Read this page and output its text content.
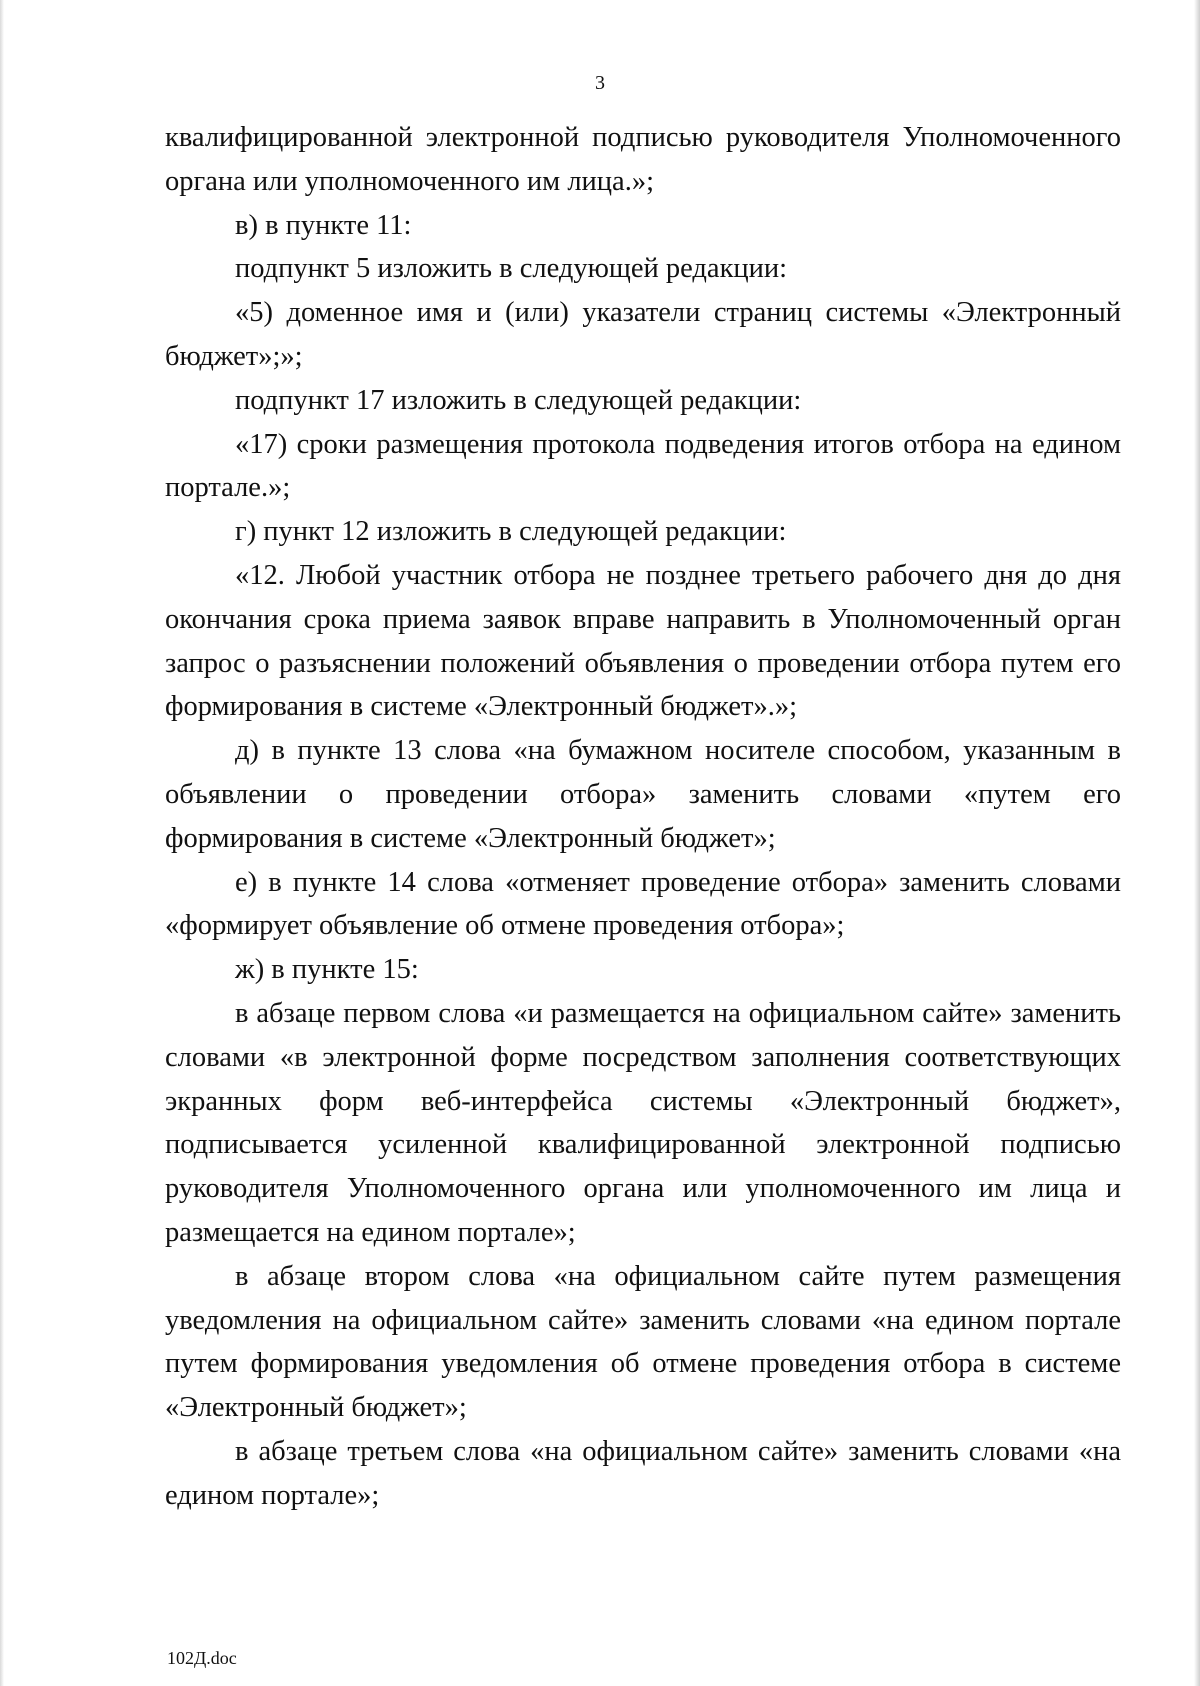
3

квалифицированной электронной подписью руководителя Уполномоченного органа или уполномоченного им лица.»;

в) в пункте 11:

подпункт 5 изложить в следующей редакции:

«5) доменное имя и (или) указатели страниц системы «Электронный бюджет»;»;

подпункт 17 изложить в следующей редакции:

«17) сроки размещения протокола подведения итогов отбора на едином портале.»;

г) пункт 12 изложить в следующей редакции:

«12. Любой участник отбора не позднее третьего рабочего дня до дня окончания срока приема заявок вправе направить в Уполномоченный орган запрос о разъяснении положений объявления о проведении отбора путем его формирования в системе «Электронный бюджет».»;

д) в пункте 13 слова «на бумажном носителе способом, указанным в объявлении о проведении отбора» заменить словами «путем его формирования в системе «Электронный бюджет»;

е) в пункте 14 слова «отменяет проведение отбора» заменить словами «формирует объявление об отмене проведения отбора»;

ж) в пункте 15:

в абзаце первом слова «и размещается на официальном сайте» заменить словами «в электронной форме посредством заполнения соответствующих экранных форм веб-интерфейса системы «Электронный бюджет», подписывается усиленной квалифицированной электронной подписью руководителя Уполномоченного органа или уполномоченного им лица и размещается на едином портале»;

в абзаце втором слова «на официальном сайте путем размещения уведомления на официальном сайте» заменить словами «на едином портале путем формирования уведомления об отмене проведения отбора в системе «Электронный бюджет»;

в абзаце третьем слова «на официальном сайте» заменить словами «на едином портале»;

102Д.doc
